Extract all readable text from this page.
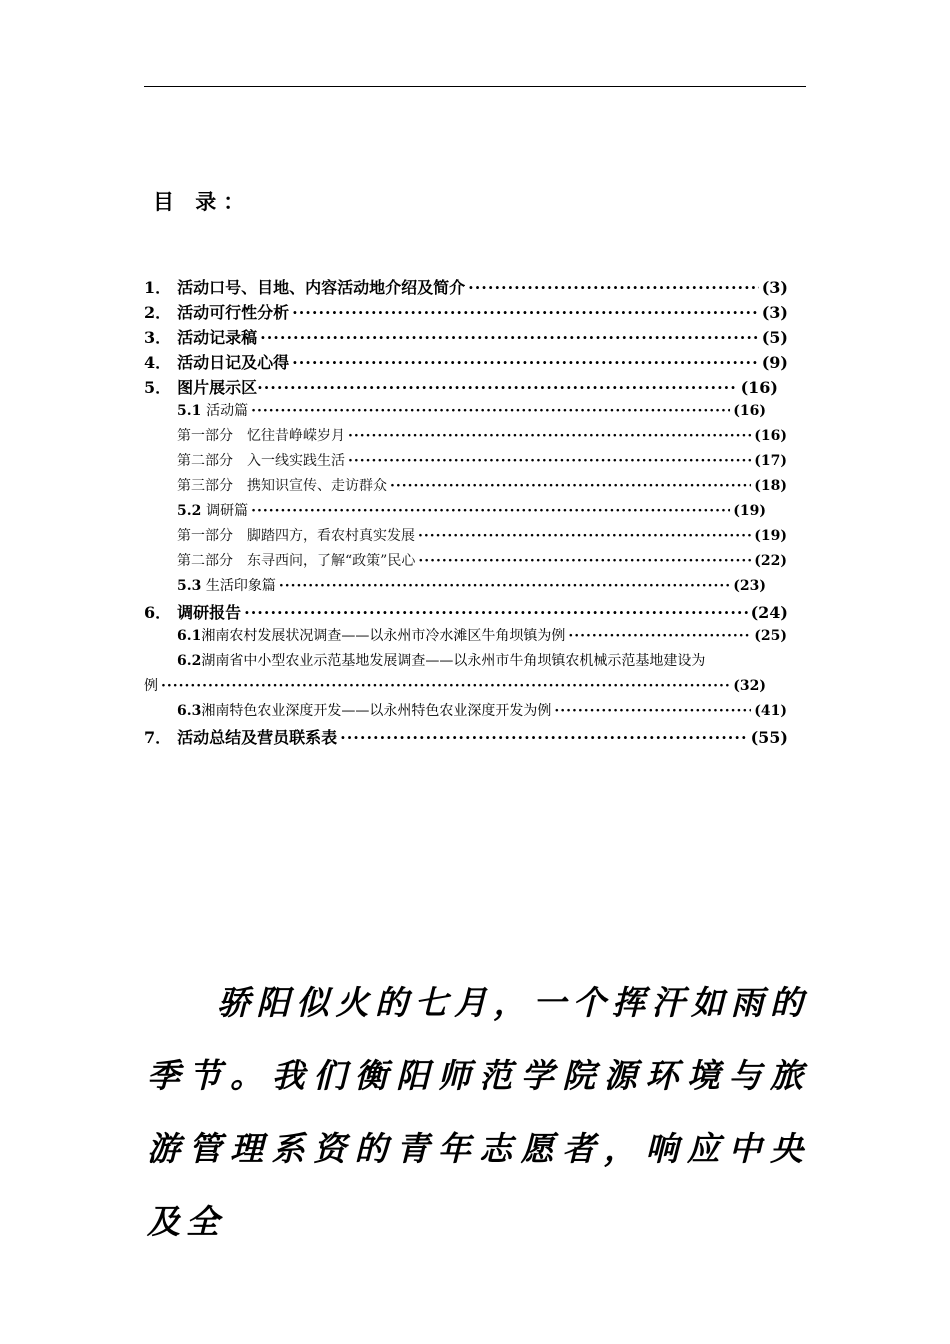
目 录：
1． 活动口号、目地、内容活动地介绍及简介 ·····	(3)
2． 活动可行性分析 ·····	(3)
3． 活动记录稿 ·····	(5)
4． 活动日记及心得 ·····	(9)
5． 图片展示区 ·····	(16)
5.1 活动篇 ·····	(16)
第一部分　忆往昔峥嵘岁月 ·····	(16)
第二部分　入一线实践生活 ·····	(17)
第三部分　携知识宣传、走访群众 ·····	(18)
5.2 调研篇 ·····	(19)
第一部分　脚踏四方，看农村真实发展 ·····	(19)
第二部分　东寻西问，了解“政策”民心 ·····	(22)
5.3 生活印象篇 ·····	(23)
6． 调研报告 ·····	(24)
6.1 湘南农村发展状况调查——以永州市冷水滩区牛角坝镇为例 ·····	(25)
6.2 湖南省中小型农业示范基地发展调查——以永州市牛角坝镇农机械示范基地建设为
例 ·····	(32)
6.3 湘南特色农业深度开发——以永州特色农业深度开发为例 ·····	(41)
7． 活动总结及营员联系表 ·····	(55)
骄阳似火的七月，一个挥汗如雨的季节。我们衡阳师范学院源环境与旅游管理系资的青年志愿者，响应中央及全
